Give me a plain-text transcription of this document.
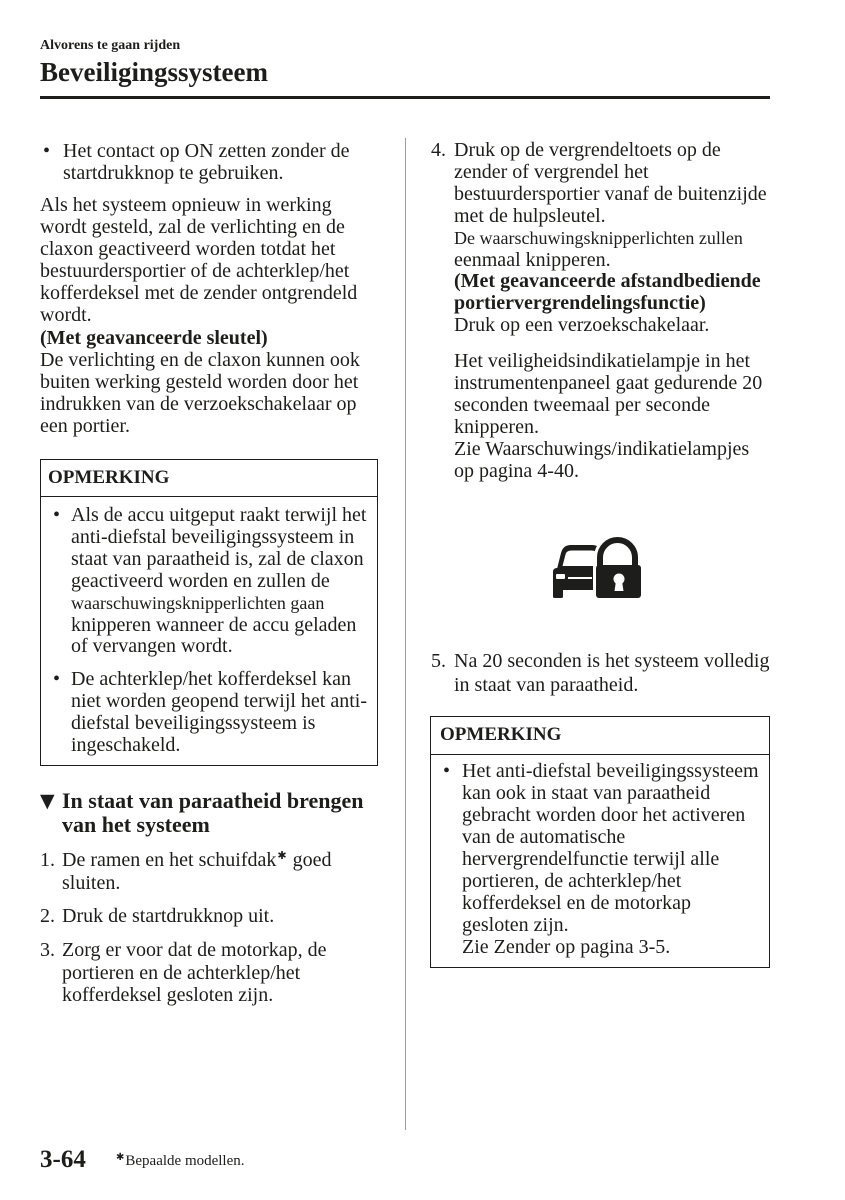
Alvorens te gaan rijden
Beveiligingssysteem
• Het contact op ON zetten zonder de
startdrukknop te gebruiken.
Als het systeem opnieuw in werking
wordt gesteld, zal de verlichting en de
claxon geactiveerd worden totdat het
bestuurdersportier of de achterklep/het
kofferdeksel met de zender ontgrendeld
wordt.
(Met geavanceerde sleutel)
De verlichting en de claxon kunnen ook
buiten werking gesteld worden door het
indrukken van de verzoekschakelaar op
een portier.
OPMERKING
• Als de accu uitgeput raakt terwijl het
anti-diefstal beveiligingssysteem in
staat van paraatheid is, zal de claxon
geactiveerd worden en zullen de
waarschuwingsknipperlichten gaan
knipperen wanneer de accu geladen
of vervangen wordt.
• De achterklep/het kofferdeksel kan
niet worden geopend terwijl het anti-
diefstal beveiligingssysteem is
ingeschakeld.
▼ In staat van paraatheid brengen
van het systeem
1. De ramen en het schuifdak✱ goed
sluiten.
2. Druk de startdrukknop uit.
3. Zorg er voor dat de motorkap, de
portieren en de achterklep/het
kofferdeksel gesloten zijn.
4. Druk op de vergrendeltoets op de
zender of vergrendel het
bestuurdersportier vanaf de buitenzijde
met de hulpsleutel.
De waarschuwingsknipperlichten zullen
eenmaal knipperen.
(Met geavanceerde afstandbediende
portiervergrendelingsfunctie)
Druk op een verzoekschakelaar.
Het veiligheidsindikatielampje in het
instrumentenpaneel gaat gedurende 20
seconden tweemaal per seconde
knipperen.
Zie Waarschuwings/indikatielampjes
op pagina 4-40.
5. Na 20 seconden is het systeem volledig
in staat van paraatheid.
OPMERKING
• Het anti-diefstal beveiligingssysteem
kan ook in staat van paraatheid
gebracht worden door het activeren
van de automatische
hervergrendelfunctie terwijl alle
portieren, de achterklep/het
kofferdeksel en de motorkap
gesloten zijn.
Zie Zender op pagina 3-5.
3-64	✱Bepaalde modellen.
